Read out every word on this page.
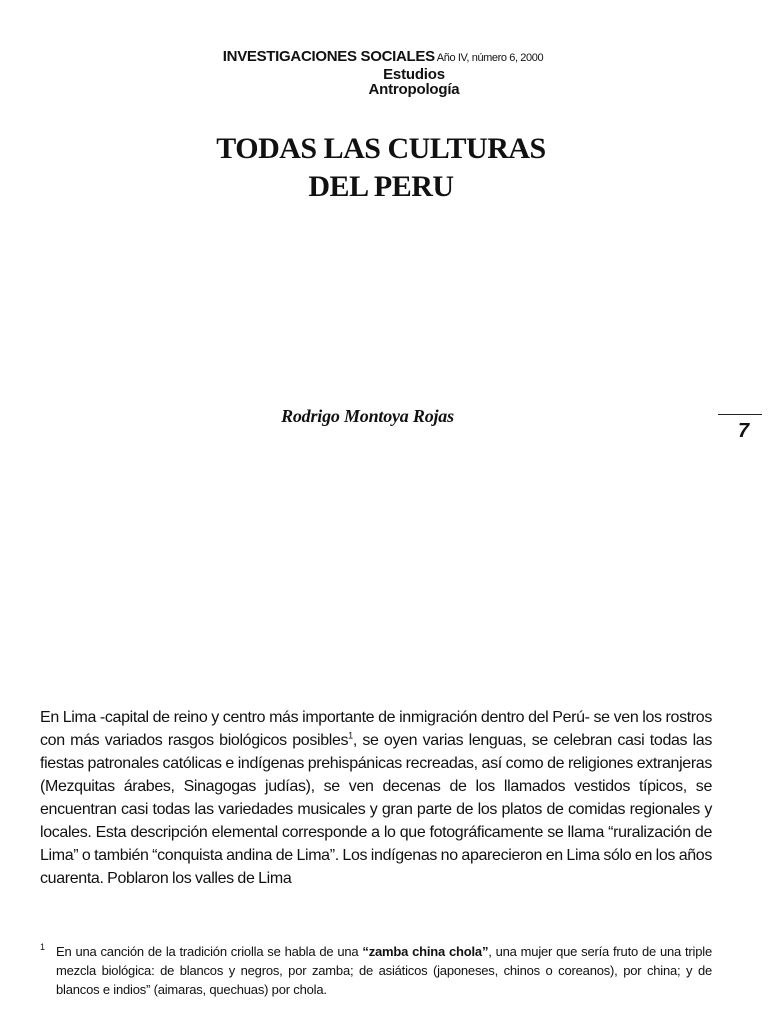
INVESTIGACIONES SOCIALES Año IV, número 6, 2000
Estudios
Antropología
TODAS LAS CULTURAS
DEL PERU
Rodrigo Montoya Rojas
7
En Lima -capital de reino y centro más importante de inmigración dentro del Perú- se ven los rostros con más variados rasgos biológicos posibles$^1$, se oyen varias lenguas, se celebran casi todas las fiestas patronales católicas e indígenas prehispánicas recreadas, así como de religiones extranjeras (Mezquitas árabes, Sinagogas judías), se ven decenas de los llamados vestidos típicos, se encuentran casi todas las variedades musicales y gran parte de los platos de comidas regionales y locales. Esta descripción elemental corresponde a lo que fotográficamente se llama “ruralización de Lima” o también “conquista andina de Lima”. Los indígenas no aparecieron en Lima sólo en los años cuarenta. Poblaron los valles de Lima
1 En una canción de la tradición criolla se habla de una “zamba china chola”, una mujer que sería fruto de una triple mezcla biológica: de blancos y negros, por zamba; de asiáticos (japoneses, chinos o coreanos), por china; y de blancos e indios” (aimaras, quechuas) por chola.
